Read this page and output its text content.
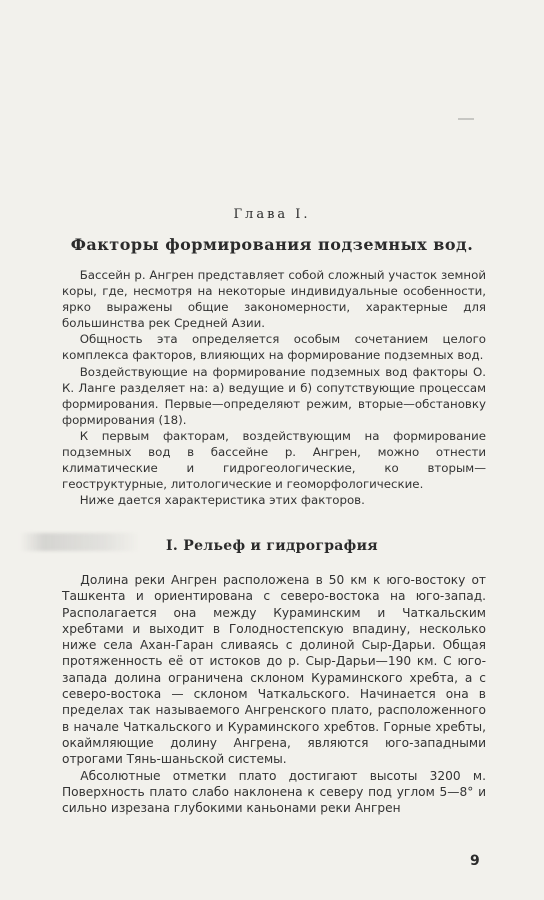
Глава I.
Факторы формирования подземных вод.

Бассейн р. Ангрен представляет собой сложный участок земной коры, где, несмотря на некоторые индивидуальные особенности, ярко выражены общие закономерности, характерные для большинства рек Средней Азии.

Общность эта определяется особым сочетанием целого комплекса факторов, влияющих на формирование подземных вод.

Воздействующие на формирование подземных вод факторы О. К. Ланге разделяет на: а) ведущие и б) сопутствующие процессам формирования. Первые—определяют режим, вторые—обстановку формирования (18).

К первым факторам, воздействующим на формирование подземных вод в бассейне р. Ангрен, можно отнести климатические и гидрогеологические, ко вторым—геоструктурные, литологические и геоморфологические.

Ниже дается характеристика этих факторов.

I. Рельеф и гидрография

Долина реки Ангрен расположена в 50 км к юго-востоку от Ташкента и ориентирована с северо-востока на юго-запад. Располагается она между Кураминским и Чаткальским хребтами и выходит в Голодностепскую впадину, несколько ниже села Ахан-Гаран сливаясь с долиной Сыр-Дарьи. Общая протяженность её от истоков до р. Сыр-Дарьи—190 км. С юго-запада долина ограничена склоном Кураминского хребта, а с северо-востока — склоном Чаткальского. Начинается она в пределах так называемого Ангренского плато, расположенного в начале Чаткальского и Кураминского хребтов. Горные хребты, окаймляющие долину Ангрена, являются юго-западными отрогами Тянь-шаньской системы.

Абсолютные отметки плато достигают высоты 3200 м. Поверхность плато слабо наклонена к северу под углом 5—8° и сильно изрезана глубокими каньонами реки Ангрен

9
